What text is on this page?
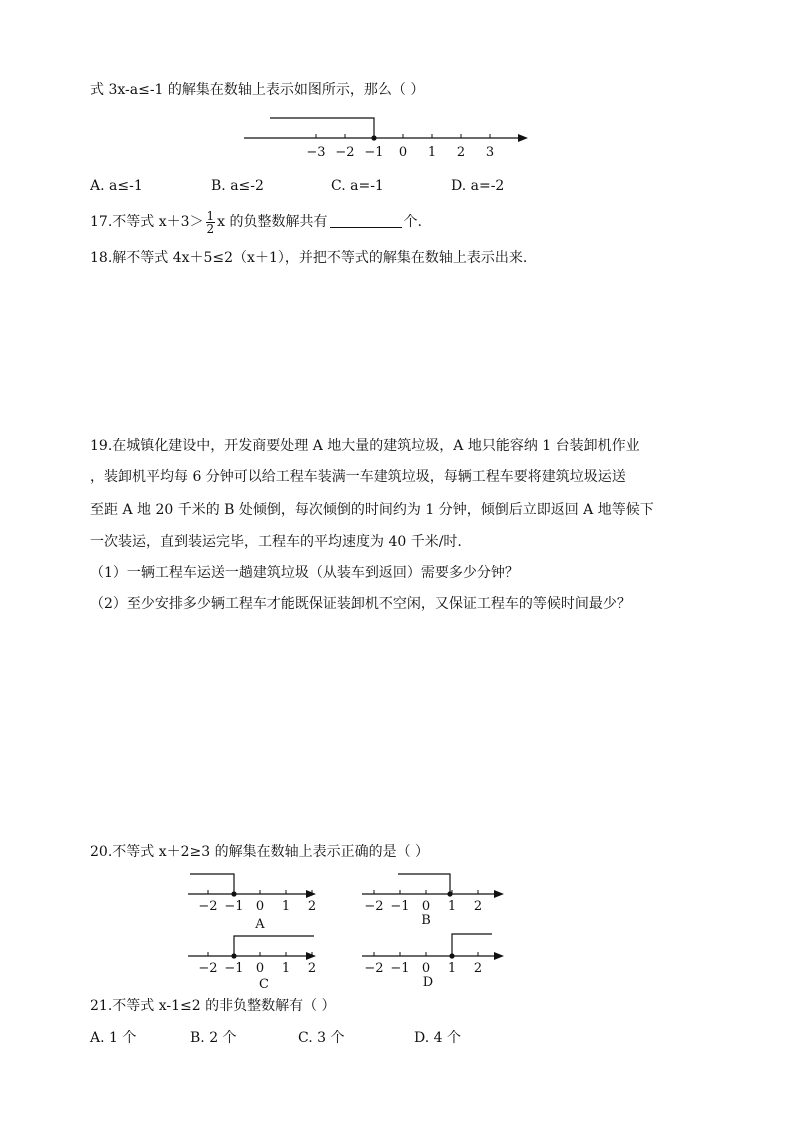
式 3x-a≤-1 的解集在数轴上表示如图所示，那么（ ）
−3 −2 −1 0 1 2 3
A. a≤-1	B. a≤-2	C. a=-1	D. a=-2
17.不等式 $x+3> \frac{1}{2}$ x 的负整数解共有	个.
18.解不等式 4x＋5≤2（x＋1），并把不等式的解集在数轴上表示出来.
19.在城镇化建设中，开发商要处理 A 地大量的建筑垃圾，A 地只能容纳 1 台装卸机作业
，装卸机平均每 6 分钟可以给工程车装满一车建筑垃圾，每辆工程车要将建筑垃圾运送
至距 A 地 20 千米的 B 处倾倒，每次倾倒的时间约为 1 分钟，倾倒后立即返回 A 地等候下
一次装运，直到装运完毕，工程车的平均速度为 40 千米/时.
（1）一辆工程车运送一趟建筑垃圾（从装车到返回）需要多少分钟？
（2）至少安排多少辆工程车才能既保证装卸机不空闲，又保证工程车的等候时间最少？
20.不等式 x＋2≥3 的解集在数轴上表示正确的是（ ）
−2 −1 0 1 2
A
−2 −1 0 1 2
B
−2 −1 0 1 2
C
−2 −1 0 1 2
D
21.不等式 x-1≤2 的非负整数解有（ ）
A. 1 个	B. 2 个	C. 3 个	D. 4 个
